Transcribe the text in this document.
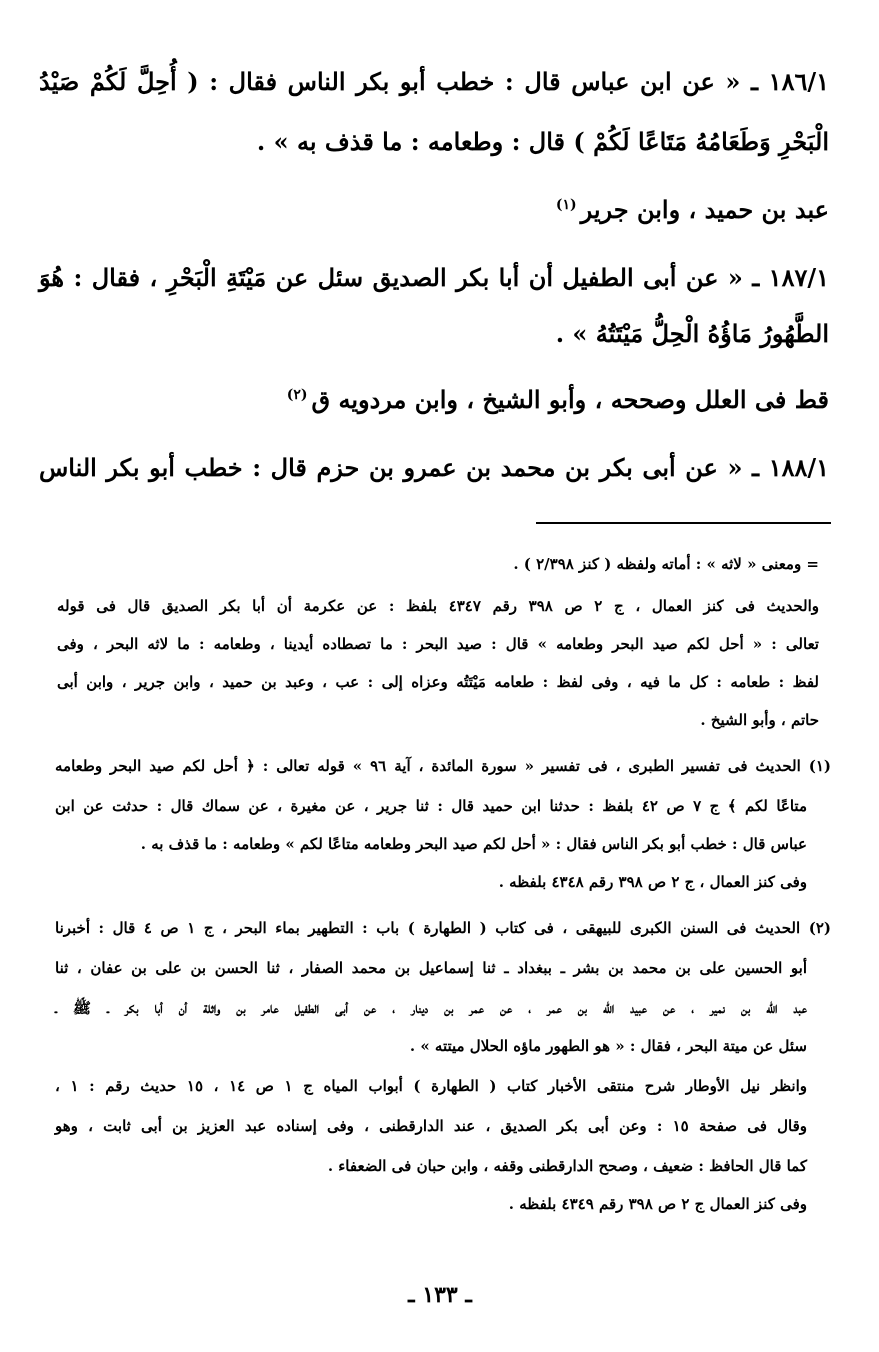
١٨٦/١ ـ « عن ابن عباس قال : خطب أبو بكر الناس فقال : ( أُحِلَّ لَكُمْ صَيْدُ
الْبَحْرِ وَطَعَامُهُ مَتَاعًا لَكُمْ ) قال : وطعامه : ما قذف به » .
عبد بن حميد ، وابن جرير$^{(١)}$
١٨٧/١ ـ « عن أبى الطفيل أن أبا بكر الصديق سئل عن مَيْتَةِ الْبَحْرِ ، فقال : هُوَ
الطَّهُورُ مَاؤُهُ الْحِلُّ مَيْتَتُهُ » .
قط فى العلل وصححه ، وأبو الشيخ ، وابن مردويه ق$^{(٢)}$
١٨٨/١ ـ « عن أبى بكر بن محمد بن عمرو بن حزم قال : خطب أبو بكر الناس
= ومعنى « لاثه » : أماته ولفظه ( كنز ٢/٣٩٨ ) .
والحديث فى كنز العمال ، ج ٢ ص ٣٩٨ رقم ٤٣٤٧ بلفظ : عن عكرمة أن أبا بكر الصديق قال فى قوله
تعالى : « أحل لكم صيد البحر وطعامه » قال : صيد البحر : ما تصطاده أيدينا ، وطعامه : ما لاثه البحر ، وفى
لفظ : طعامه : كل ما فيه ، وفى لفظ : طعامه مَيْتَتُه وعزاه إلى : عب ، وعبد بن حميد ، وابن جرير ، وابن أبى
حاتم ، وأبو الشيخ .
(١) الحديث فى تفسير الطبرى ، فى تفسير « سورة المائدة ، آية ٩٦ » قوله تعالى : ﴿ أحل لكم صيد البحر وطعامه
متاعًا لكم ﴾ ج ٧ ص ٤٢ بلفظ : حدثنا ابن حميد قال : ثنا جرير ، عن مغيرة ، عن سماك قال : حدثت عن ابن
عباس قال : خطب أبو بكر الناس فقال : « أحل لكم صيد البحر وطعامه متاعًا لكم » وطعامه : ما قذف به .
وفى كنز العمال ، ج ٢ ص ٣٩٨ رقم ٤٣٤٨ بلفظه .
(٢) الحديث فى السنن الكبرى للبيهقى ، فى كتاب ( الطهارة ) باب : التطهير بماء البحر ، ج ١ ص ٤ قال : أخبرنا
أبو الحسين على بن محمد بن بشر ـ ببغداد ـ ثنا إسماعيل بن محمد الصفار ، ثنا الحسن بن على بن عفان ، ثنا
عبد الله بن نمير ، عن عبيد الله بن عمر ، عن عمر بن دينار ، عن أبى الطفيل عامر بن واثلة أن أبا بكر ـ ﷺ ـ
سئل عن ميتة البحر ، فقال : « هو الطهور ماؤه الحلال ميتته » .
وانظر نيل الأوطار شرح منتقى الأخبار كتاب ( الطهارة ) أبواب المياه ج ١ ص ١٤ ، ١٥ حديث رقم : ١ ،
وقال فى صفحة ١٥ : وعن أبى بكر الصديق ، عند الدارقطنى ، وفى إسناده عبد العزيز بن أبى ثابت ، وهو
كما قال الحافظ : ضعيف ، وصحح الدارقطنى وقفه ، وابن حبان فى الضعفاء .
وفى كنز العمال ج ٢ ص ٣٩٨ رقم ٤٣٤٩ بلفظه .
ـ ١٣٣ ـ
